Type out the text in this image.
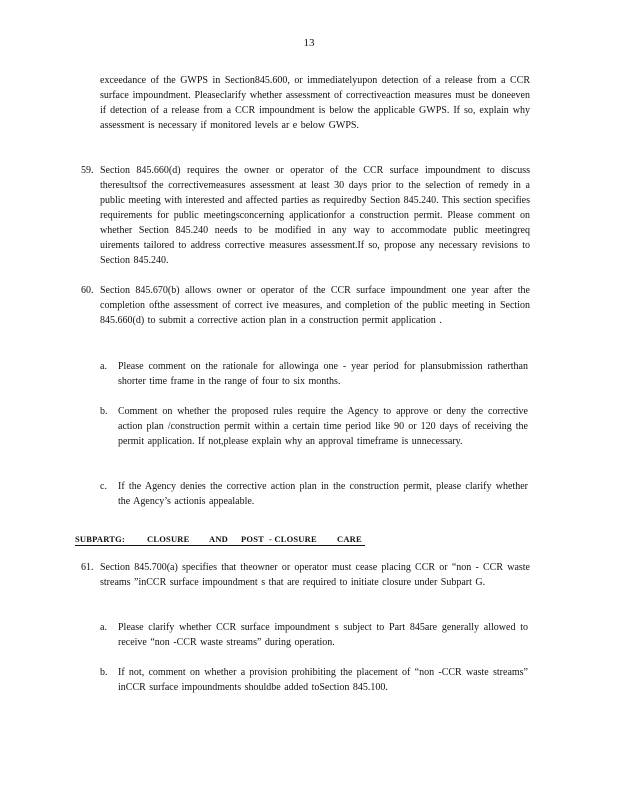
13
exceedance of the GWPS in Section845.600, or immediatelyupon detection of a release from a CCR surface impoundment. Pleaseclarify whether assessment of correctiveaction measures must be doneeven if detection of a release from a CCR impoundment is below the applicable GWPS. If so, explain why assessment is necessary if monitored levels ar e below GWPS.
59. Section 845.660(d) requires the owner or operator of the CCR surface impoundment to discuss theresultsof the correctivemeasures assessment at least 30 days prior to the selection of remedy in a public meeting with interested and affected parties as requiredby Section 845.240. This section specifies requirements for public meetingsconcerning applicationfor a construction permit. Please comment on whether Section 845.240 needs to be modified in any way to accommodate public meetingreq uirements tailored to address corrective measures assessment.If so, propose any necessary revisions to Section 845.240.
60. Section 845.670(b) allows owner or operator of the CCR surface impoundment one year after the completion ofthe assessment of correct ive measures, and completion of the public meeting in Section 845.660(d) to submit a corrective action plan in a construction permit application .
a. Please comment on the rationale for allowinga one - year period for plansubmission ratherthan shorter time frame in the range of four to six months.
b. Comment on whether the proposed rules require the Agency to approve or deny the corrective action plan /construction permit within a certain time period like 90 or 120 days of receiving the permit application. If not,please explain why an approval timeframe is unnecessary.
c. If the Agency denies the corrective action plan in the construction permit, please clarify whether the Agency’s actionis appealable.
SUBPARTG:	CLOSURE AND POST - CLOSURE CARE
61. Section 845.700(a) specifies that theowner or operator must cease placing CCR or “non - CCR waste streams ”inCCR surface impoundment s that are required to initiate closure under Subpart G.
a. Please clarify whether CCR surface impoundment s subject to Part 845are generally allowed to receive “non -CCR waste streams” during operation.
b. If not, comment on whether a provision prohibiting the placement of “non -CCR waste streams” inCCR surface impoundments shouldbe added toSection 845.100.
